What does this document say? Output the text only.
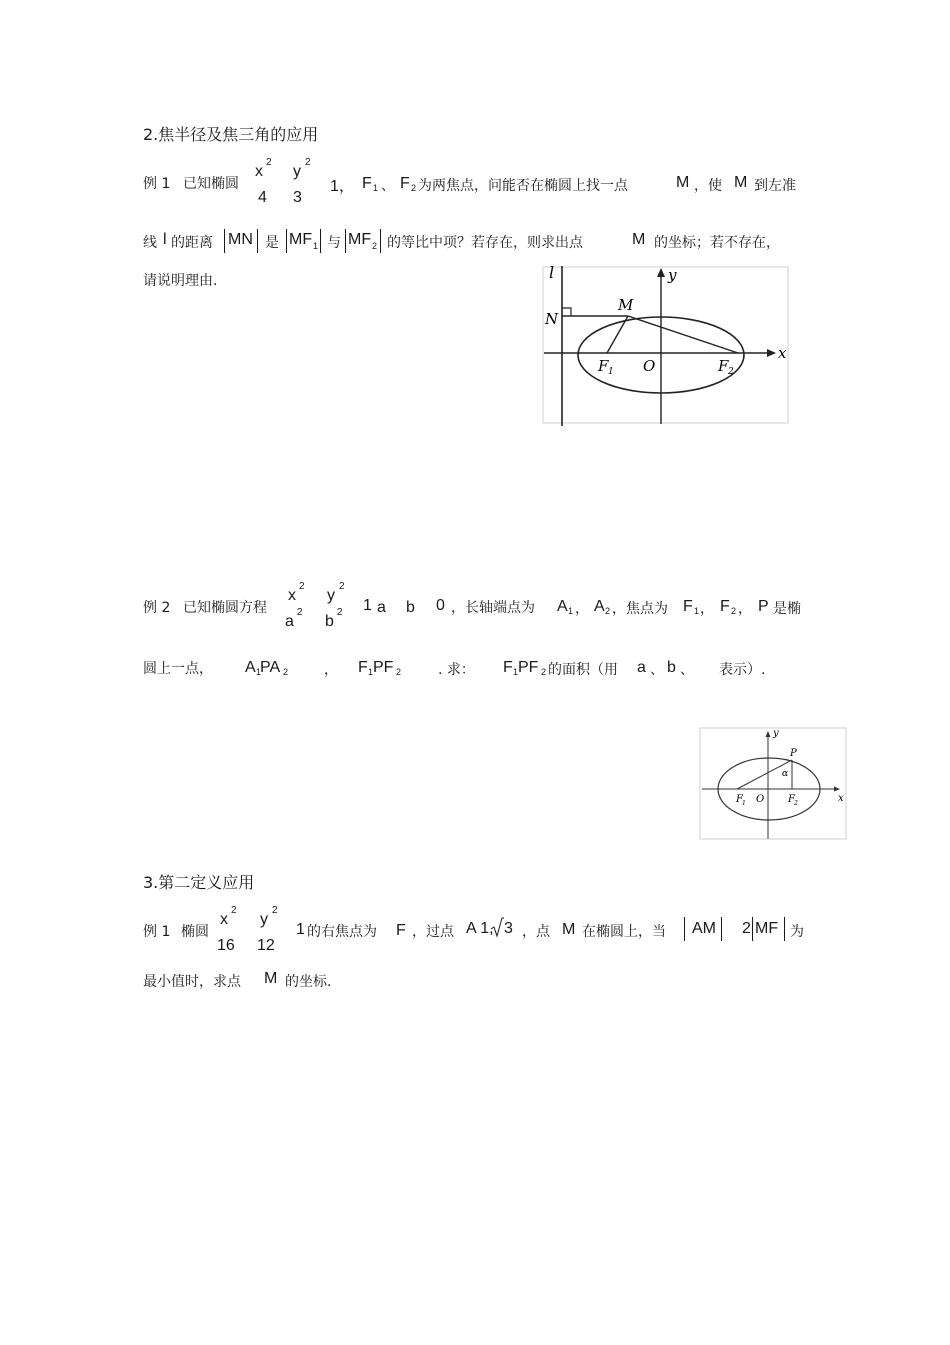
2.焦半径及焦三角的应用
例 1 已知椭圆
x
2
4
y
2
3
1， F 1 、 F 2 为两焦点，问能否在椭圆上找一点	M ，使 M 到左准
线 l 的距离 MN 是 MF 1 与 MF 2 的等比中项？若存在，则求出点	M 的坐标；若不存在，
请说明理由.	l	y
x
N
M
F 1 O	F 2
例 2 已知椭圆方程
x
2
a
2
y
2
b
2 1 a b 0 ，长轴端点为 A 1 ， A 2 ，焦点为 F 1 ， F 2 ， P 是椭
圆上一点， A 1
PA 2	， F 1 PF 2	. 求： F 1 PF 2 的面积（用 a 、 b 、 表示）.
y
x
P
α
F 1 O F 2
3.第二定义应用
例 1 椭圆
x
2
16
y
2
12
1 的右焦点为 F ，过点 A 1, 3 ，点 M 在椭圆上，当 AM 2 MF 为
最小值时，求点 M 的坐标.
